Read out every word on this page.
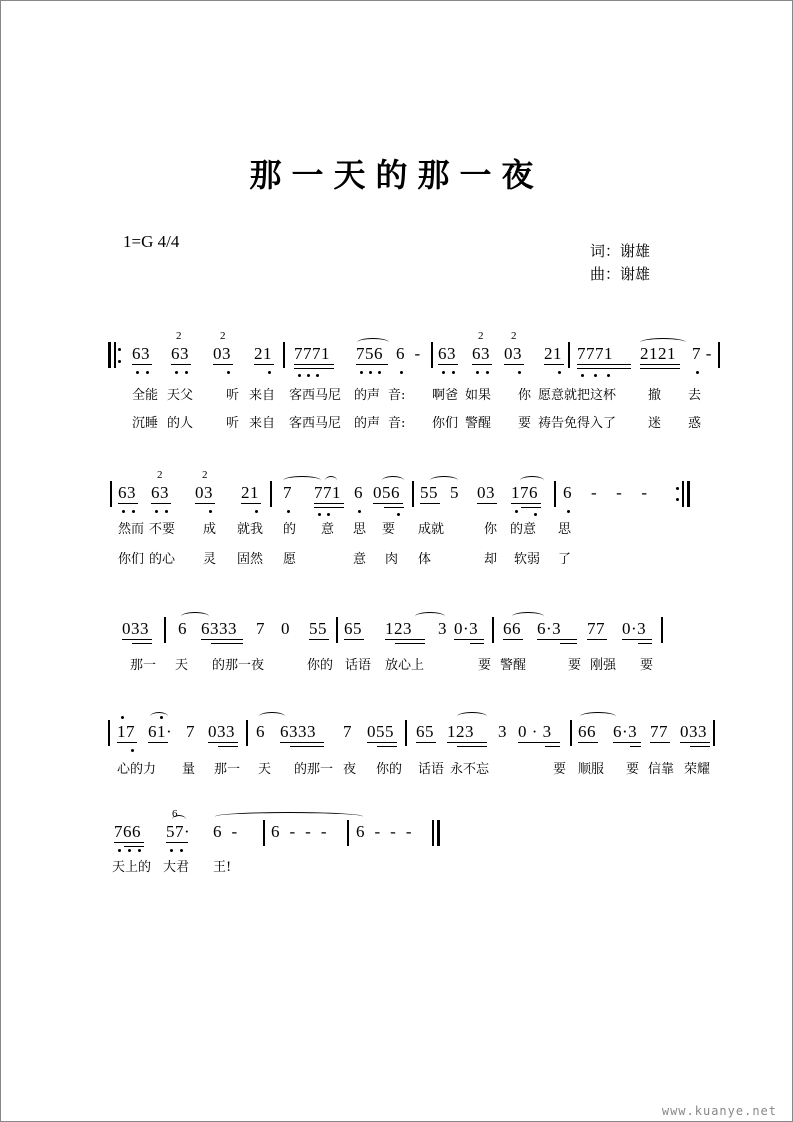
那一天的那一夜
1=G 4/4	词：谢雄
曲：谢雄
63 63 03 21 7771 756 6  - 63 63 03 21 7771 2121 7 -
2	2	2	2
全能 天父	听 来自 客西马尼 的声 音: 啊爸 如果 你 愿意就把这杯 撤 去
沉睡 的人	听 来自 客西马尼 的声 音: 你们 警醒 要 祷告免得入了 迷 惑
63 63 03 21 7 771 6 056 55 5 03 176 6    -    -    -
2	2
然而 不要 成 就我 的 意 思 要 成就	你 的意 思
你们 的心 灵 固然 愿	意 肉 体	却 软弱 了
033 6 6333 7 0 55 65 123 3 0·3 66 6·3 77 0·3
那一 天 的那一夜	你的 话语 放心上	要 警醒	要 刚强 要
17 61· 7 033 6 6333 7 055 65 123 3 0 · 3 66 6·3 77 033
心的力 量 那一 天 的那一 夜 你的 话语 永不忘	要 顺服 要 信靠 荣耀
766 57· 6  - 6  -  -  - 6  -  -  -
6
天上的 大君 王!
www.kuanye.net
